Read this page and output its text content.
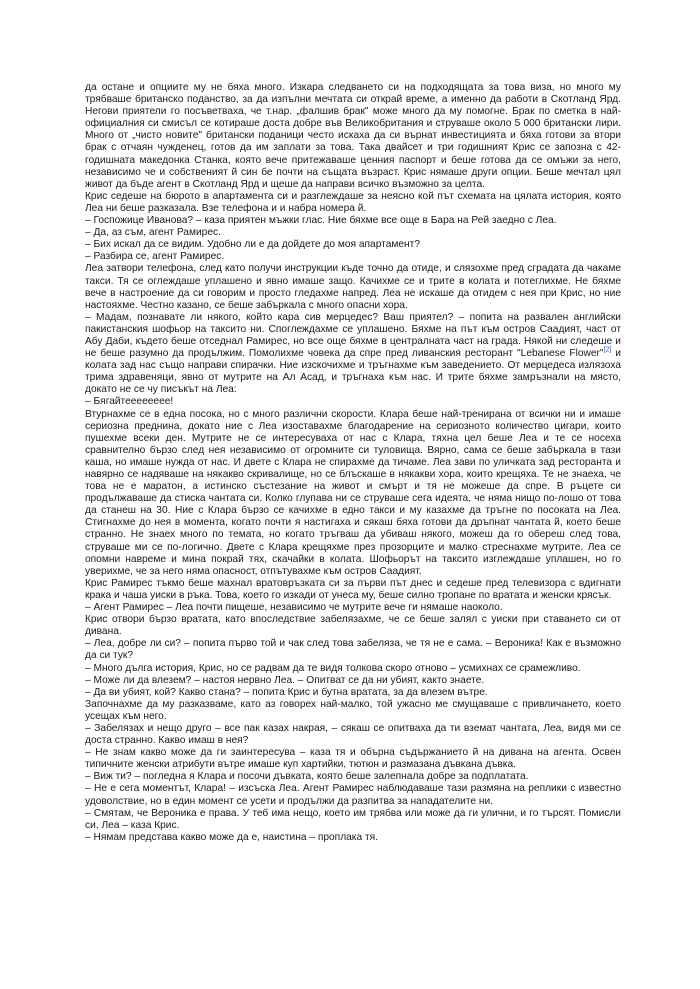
да остане и опциите му не бяха много. Изкара следването си на подходящата за това виза, но много му трябваше британско поданство, за да изпълни мечтата си открай време, а именно да работи в Скотланд Ярд. Негови приятели го посъветваха, че т.нар. „фалшив брак" може много да му помогне. Брак по сметка в най-официалния си смисъл се котираше доста добре във Великобритания и струваше около 5 000 британски лири. Много от „чисто новите" британски поданици често искаха да си върнат инвестицията и бяха готови за втори брак с отчаян чужденец, готов да им заплати за това. Така двайсет и три годишният Крис се запозна с 42-годишната македонка Станка, която вече притежаваше ценния паспорт и беше готова да се омъжи за него, независимо че и собственият й син бе почти на същата възраст. Крис нямаше други опции. Беше мечтал цял живот да бъде агент в Скотланд Ярд и щеше да направи всичко възможно за целта.

Крис седеше на бюрото в апартамента си и разглеждаше за неясно кой път схемата на цялата история, която Леа ни беше разказала. Взе телефона и и набра номера й.

– Госпожице Иванова? – каза приятен мъжки глас. Ние бяхме все още в Бара на Рей заедно с Леа.

– Да, аз съм, агент Рамирес.

– Бих искал да се видим. Удобно ли е да дойдете до моя апартамент?

– Разбира се, агент Рамирес.

Леа затвори телефона, след като получи инструкции къде точно да отиде, и слязохме пред сградата да чакаме такси. Тя се оглеждаше уплашено и явно имаше защо. Качихме се и трите в колата и потеглихме. Не бяхме вече в настроение да си говорим и просто гледахме напред. Леа не искаше да отидем с нея при Крис, но ние настояхме. Честно казано, се беше забъркала с много опасни хора.

– Мадам, познавате ли някого, който кара сив мерцедес? Ваш приятел? – попита на развален английски пакистанския шофьор на таксито ни. Споглеждахме се уплашено. Бяхме на път към остров Саадият, част от Абу Даби, където беше отседнал Рамирес, но все още бяхме в централната част на града. Някой ни следеше и не беше разумно да продължим. Помолихме човека да спре пред ливанския ресторант "Lebanese Flower"[2] и колата зад нас също направи спирачки. Ние изскочихме и тръгнахме към заведението. От мерцедеса излязоха трима здравеняци, явно от мутрите на Ал Асад, и тръгнаха към нас. И трите бяхме замръзнали на място, докато не се чу писъкът на Леа:

– Бягайтееееееее!

Втурнахме се в една посока, но с много различни скорости. Клара беше най-тренирана от всички ни и имаше сериозна преднина, докато ние с Леа изоставахме благодарение на сериозното количество цигари, които пушехме всеки ден. Мутрите не се интересуваха от нас с Клара, тяхна цел беше Леа и те се носеха сравнително бързо след нея независимо от огромните си туловища. Вярно, сама се беше забъркала в тази каша, но имаше нужда от нас. И двете с Клара не спирахме да тичаме. Леа зави по уличката зад ресторанта и навярно се надяваше на някакво скривалище, но се блъскаше в някакви хора, които крещяха. Те не знаеха, че това не е маратон, а истинско състезание на живот и смърт и тя не можеше да спре. В ръцете си продължаваше да стиска чантата си. Колко глупава ни се струваше сега идеята, че няма нищо по-лошо от това да станеш на 30. Ние с Клара бързо се качихме в едно такси и му казахме да тръгне по посоката на Леа. Стигнахме до нея в момента, когато почти я настигаха и сякаш бяха готови да дръпнат чантата й, което беше странно. Не знаех много по темата, но когато тръгваш да убиваш някого, можеш да го обереш след това, струваше ми се по-логично. Двете с Клара крещяхме през прозорците и малко стреснахме мутрите. Леа се опомни навреме и мина покрай тях, скачайки в колата. Шофьорът на таксито изглеждаше уплашен, но го уверихме, че за него няма опасност, отпътувахме към остров Саадият.

Крис Рамирес тъкмо беше махнал вратовръзката си за първи път днес и седеше пред телевизора с вдигнати крака и чаша уиски в ръка. Това, което го изкади от унеса му, беше силно тропане по вратата и женски крясък.

– Агент Рамирес – Леа почти пищеше, независимо че мутрите вече ги нямаше наоколо.

Крис отвори бързо вратата, като впоследствие забелязахме, че се беше залял с уиски при ставането си от дивана.

– Леа, добре ли си? – попита първо той и чак след това забеляза, че тя не е сама. – Вероника! Как е възможно да си тук?

– Много дълга история, Крис, но се радвам да те видя толкова скоро отново – усмихнах се срамежливо.

– Може ли да влезем? – настоя нервно Леа. – Опитват се да ни убият, както знаете.

– Да ви убият, кой? Какво стана? – попита Крис и бутна вратата, за да влезем вътре.

Започнахме да му разказваме, като аз говорех най-малко, той ужасно ме смущаваше с привличането, което усещах към него.

– Забелязах и нещо друго – все пак казах накрая, – сякаш се опитваха да ти вземат чантата, Леа, видя ми се доста странно. Какво имаш в нея?

– Не знам какво може да ги заинтересува – каза тя и обърна съдържанието й на дивана на агента. Освен типичните женски атрибути вътре имаше куп хартийки, тютюн и размазана дъвкана дъвка.

– Виж ти? – погледна я Клара и посочи дъвката, която беше залепнала добре за подплатата.

– Не е сега моментът, Клара! – изсъска Леа. Агент Рамирес наблюдаваше тази размяна на реплики с известно удоволствие, но в един момент се усети и продължи да разпитва за нападателите ни.

– Смятам, че Вероника е права. У теб има нещо, което им трябва или може да ги улични, и го търсят. Помисли си, Леа – каза Крис.

– Нямам представа какво може да е, наистина – проплака тя.
